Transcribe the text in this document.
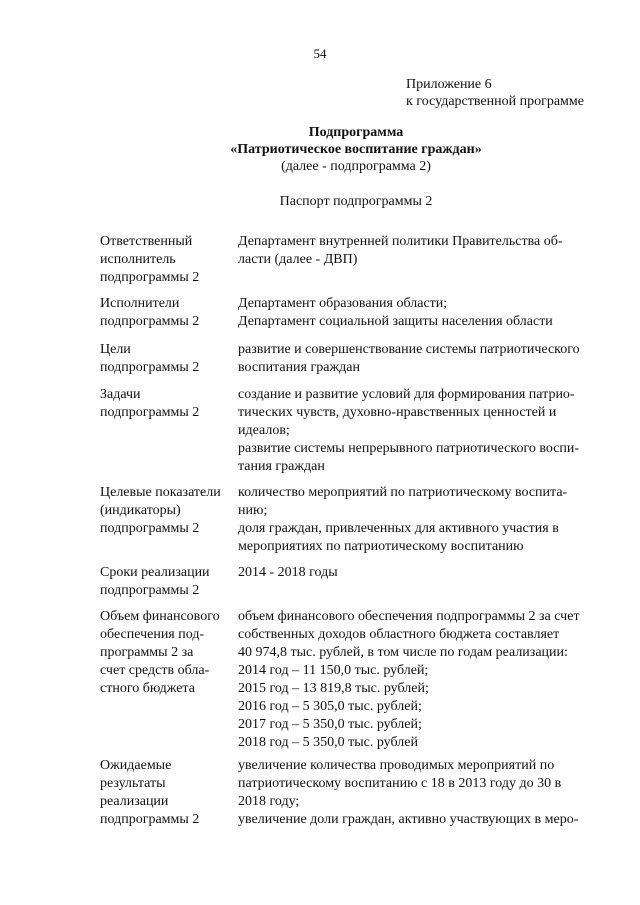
54
Приложение 6
к государственной программе
Подпрограмма
«Патриотическое воспитание граждан»
(далее - подпрограмма 2)
Паспорт подпрограммы 2
Ответственный
исполнитель
подпрограммы 2
Департамент внутренней политики Правительства об-
ласти (далее - ДВП)
Исполнители
подпрограммы 2
Департамент образования области;
Департамент социальной защиты населения области
Цели
подпрограммы 2
развитие и совершенствование системы патриотического
воспитания граждан
Задачи
подпрограммы 2
создание и развитие условий для формирования патрио-
тических чувств, духовно-нравственных ценностей и
идеалов;
развитие системы непрерывного патриотического воспи-
тания граждан
Целевые показатели
(индикаторы)
подпрограммы 2
количество мероприятий по патриотическому воспита-
нию;
доля граждан, привлеченных для активного участия в
мероприятиях по патриотическому воспитанию
Сроки реализации
подпрограммы 2
2014 - 2018 годы
Объем финансового
обеспечения под-
программы 2 за
счет средств обла-
стного бюджета
объем финансового обеспечения подпрограммы 2 за счет
собственных доходов областного бюджета составляет
40 974,8 тыс. рублей, в том числе по годам реализации:
2014 год – 11 150,0 тыс. рублей;
2015 год – 13 819,8 тыс. рублей;
2016 год – 5 305,0 тыс. рублей;
2017 год – 5 350,0 тыс. рублей;
2018 год – 5 350,0 тыс. рублей
Ожидаемые
результаты
реализации
подпрограммы 2
увеличение количества проводимых мероприятий по
патриотическому воспитанию с 18 в 2013 году до 30 в
2018 году;
увеличение доли граждан, активно участвующих в меро-
